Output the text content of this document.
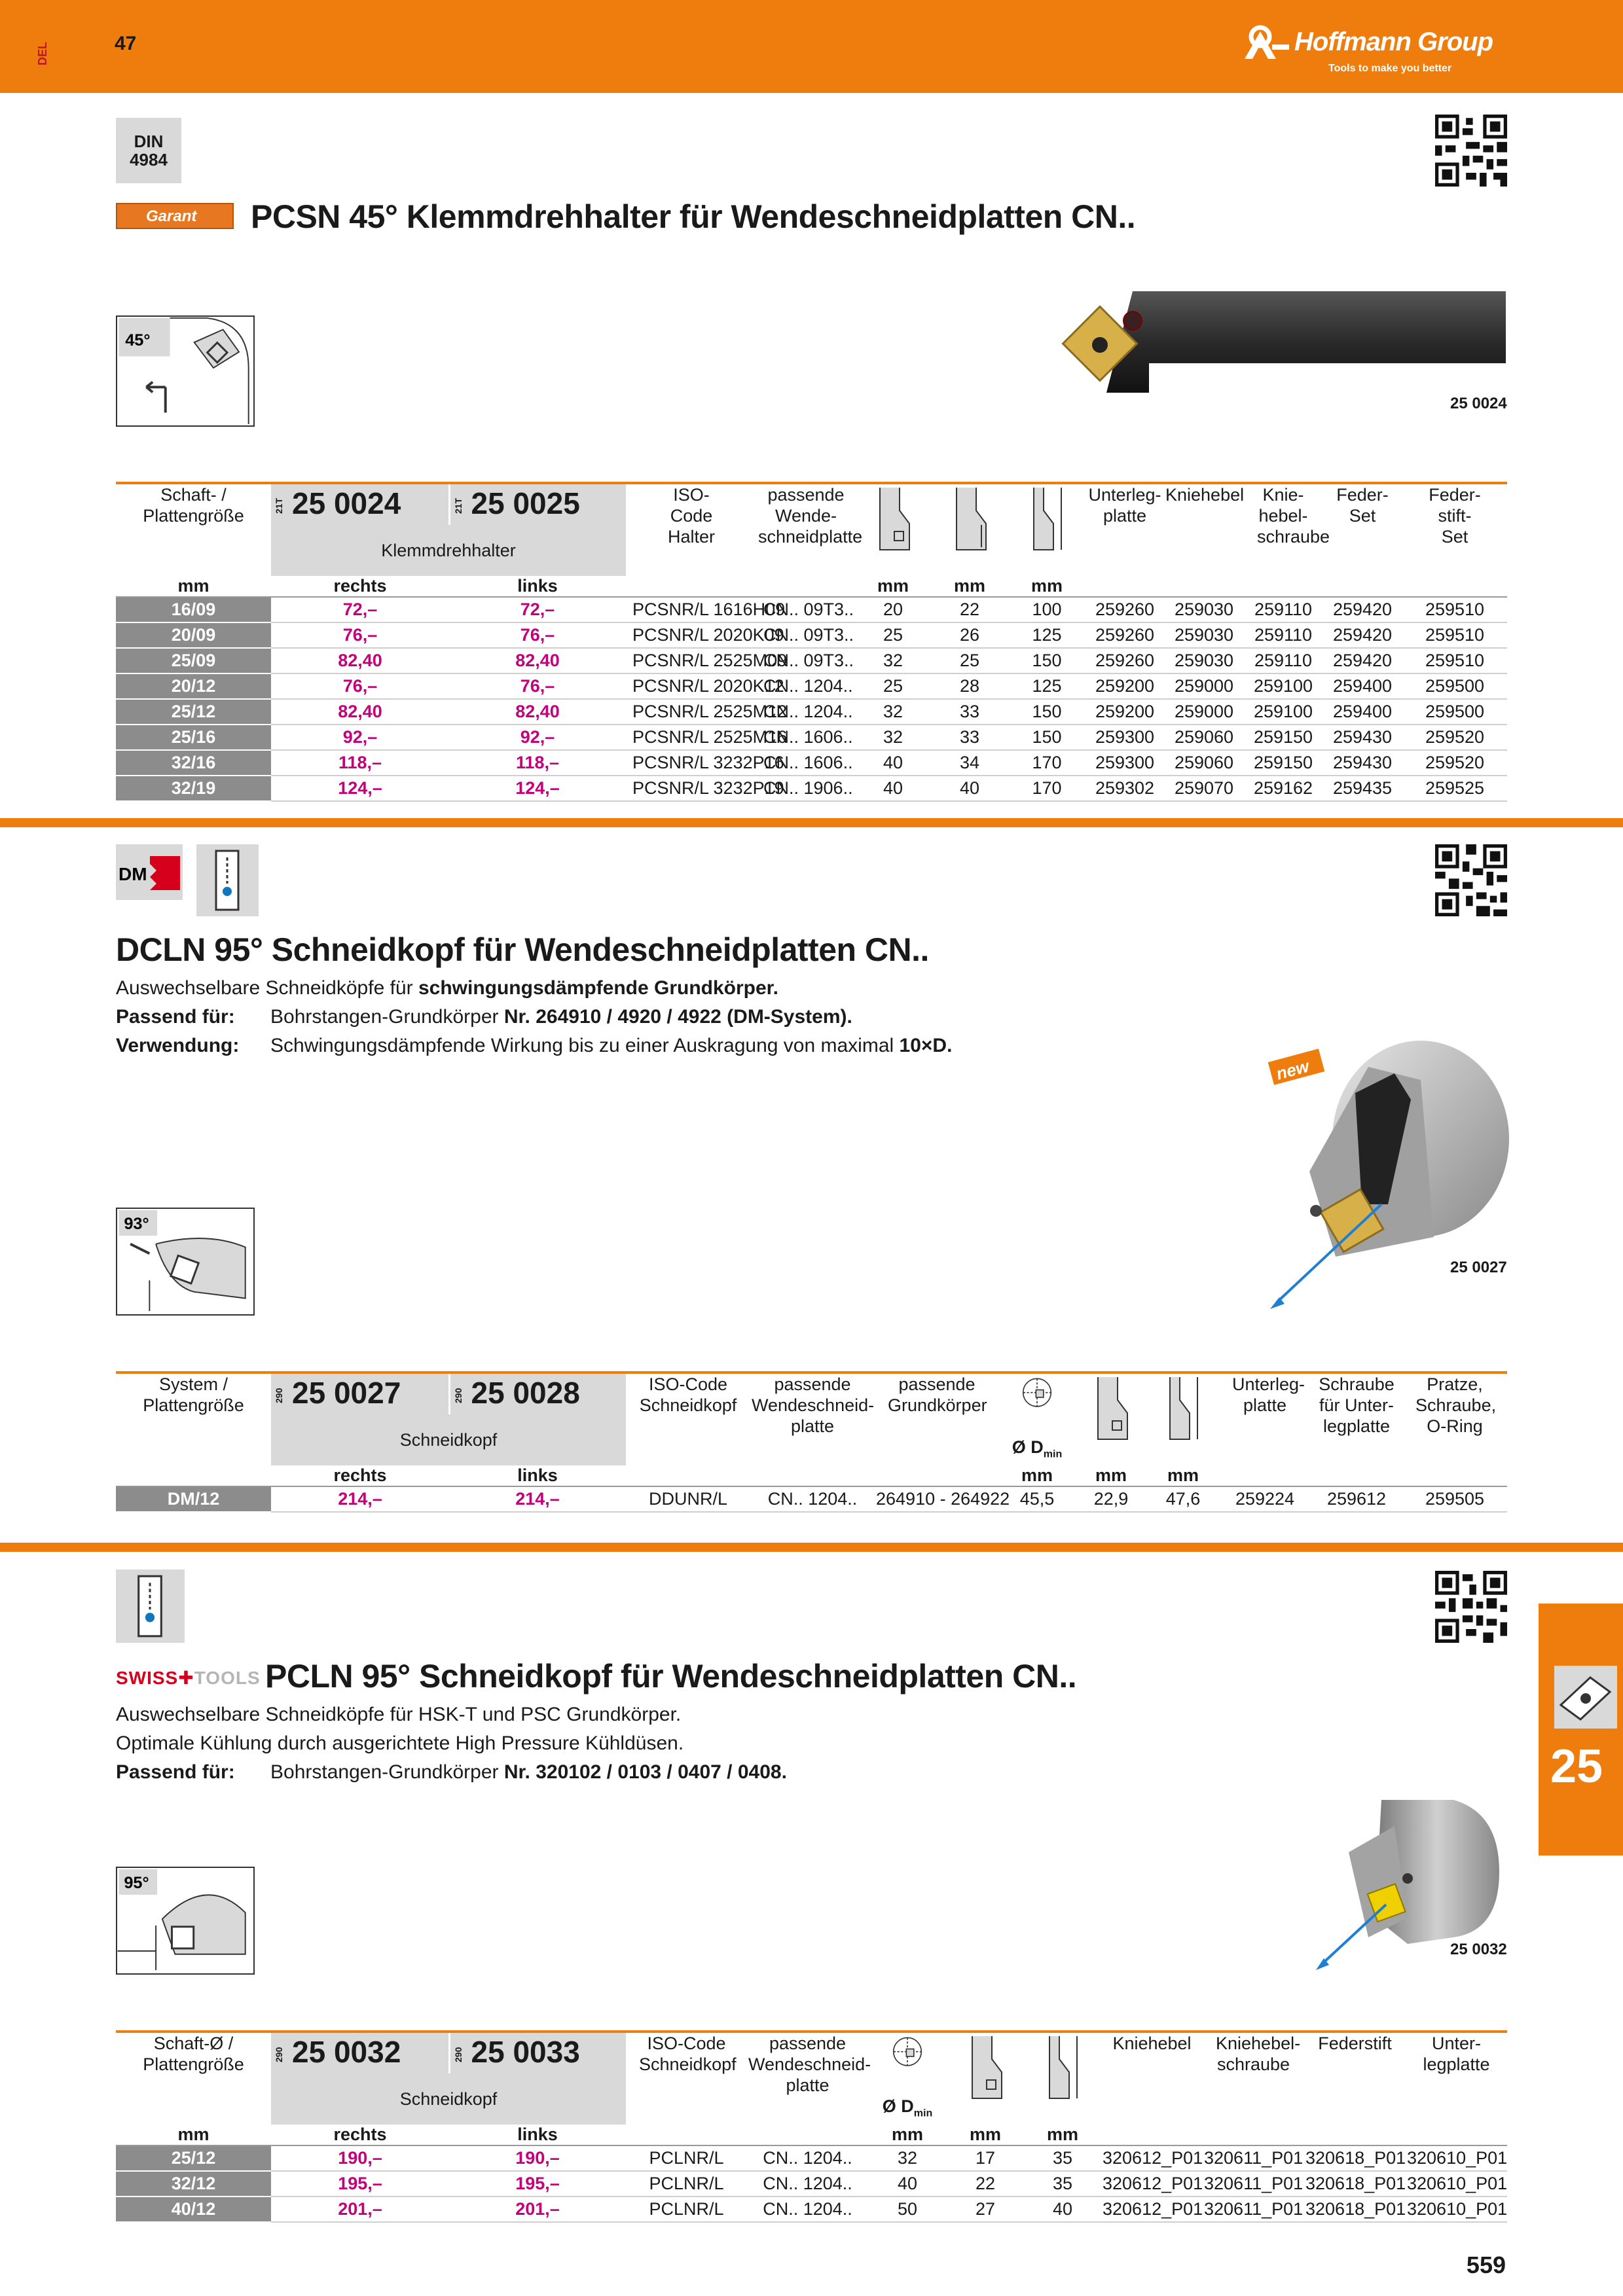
DEL	47	Hoffmann Group
Tools to make you better
DIN
4984
Garant	PCSN 45° Klemmdrehhalter für Wendeschneidplatten CN..
45°
25 0024
Schaft- / Plattengröße	21T 25 0024	21T 25 0025	ISO-Code Halter	passende Wende- schneidplatte				Unterleg- platte	Kniehebel	Knie- hebel- schraube	Feder-Set	Feder- stift-Set
	Klemmdrehhalter											
mm	rechts	links			mm	mm	mm					
16/09	72,–	72,–	PCSNR/L 1616H09	CN.. 09T3..	20	22	100	259260	259030	259110	259420	259510
20/09	76,–	76,–	PCSNR/L 2020K09	CN.. 09T3..	25	26	125	259260	259030	259110	259420	259510
25/09	82,40	82,40	PCSNR/L 2525M09	CN.. 09T3..	32	25	150	259260	259030	259110	259420	259510
20/12	76,–	76,–	PCSNR/L 2020K12	CN.. 1204..	25	28	125	259200	259000	259100	259400	259500
25/12	82,40	82,40	PCSNR/L 2525M12	CN.. 1204..	32	33	150	259200	259000	259100	259400	259500
25/16	92,–	92,–	PCSNR/L 2525M16	CN.. 1606..	32	33	150	259300	259060	259150	259430	259520
32/16	118,–	118,–	PCSNR/L 3232P16	CN.. 1606..	40	34	170	259300	259060	259150	259430	259520
32/19	124,–	124,–	PCSNR/L 3232P19	CN.. 1906..	40	40	170	259302	259070	259162	259435	259525
DM
DCLN 95° Schneidkopf für Wendeschneidplatten CN..
Auswechselbare Schneidköpfe für schwingungsdämpfende Grundkörper.
Passend für: Bohrstangen-Grundkörper Nr. 264910 / 4920 / 4922 (DM-System).
Verwendung: Schwingungsdämpfende Wirkung bis zu einer Auskragung von maximal 10×D.
93°
new
25 0027
System / Plattengröße	290 25 0027	290 25 0028	ISO-Code Schneidkopf	passende Wendeschneid- platte	passende Grundkörper	Ø $D_{min}$			Unterleg- platte	Schraube für Unter- legplatte	Pratze, Schraube, O-Ring
	Schneidkopf										
	rechts	links				mm	mm	mm			
DM/12	214,–	214,–	DDUNR/L	CN.. 1204..	264910 - 264922	45,5	22,9	47,6	259224	259612	259505
SWISS✚TOOLS PCLN 95° Schneidkopf für Wendeschneidplatten CN..
Auswechselbare Schneidköpfe für HSK-T und PSC Grundkörper.
Optimale Kühlung durch ausgerichtete High Pressure Kühldüsen.
Passend für: Bohrstangen-Grundkörper Nr. 320102 / 0103 / 0407 / 0408.
95°
25 0032
Schaft-Ø / Plattengröße	290 25 0032	290 25 0033	ISO-Code Schneidkopf	passende Wendeschneid- platte	Ø $D_{min}$			Kniehebel	Kniehebel- schraube	Federstift	Unter- legplatte
	Schneidkopf										
mm	rechts	links			mm	mm	mm				
25/12	190,–	190,–	PCLNR/L	CN.. 1204..	32	17	35	320612_P01	320611_P01	320618_P01	320610_P01
32/12	195,–	195,–	PCLNR/L	CN.. 1204..	40	22	35	320612_P01	320611_P01	320618_P01	320610_P01
40/12	201,–	201,–	PCLNR/L	CN.. 1204..	50	27	40	320612_P01	320611_P01	320618_P01	320610_P01
25
559
